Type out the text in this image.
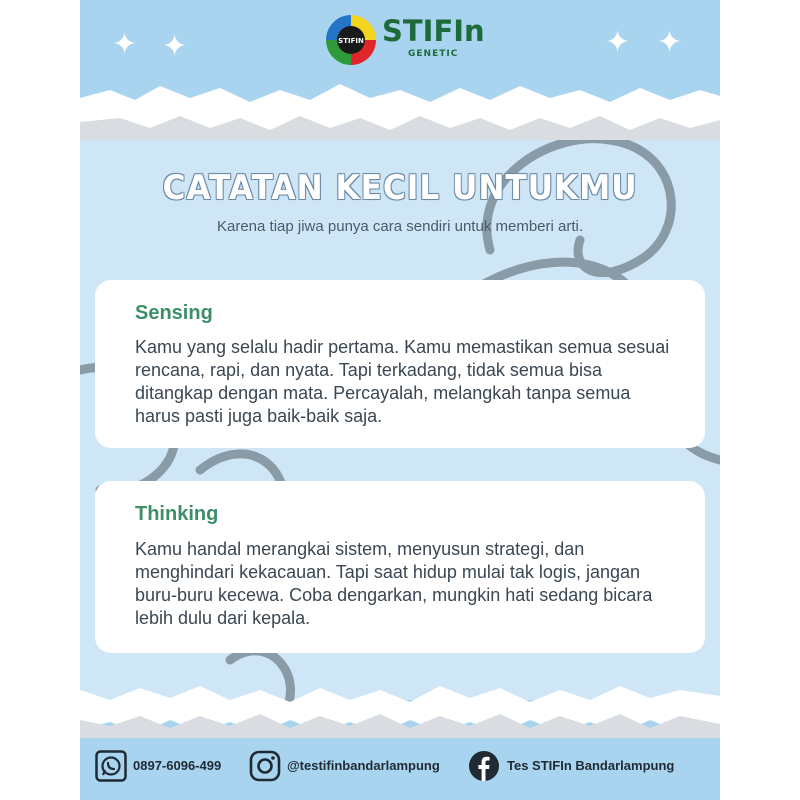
✦ ✦	✦ ✦
STIFIN STIFIn
GENETIC
CATATAN KECIL UNTUKMU
Karena tiap jiwa punya cara sendiri untuk memberi arti.
Sensing

Kamu yang selalu hadir pertama. Kamu memastikan semua sesuai rencana, rapi, dan nyata. Tapi terkadang, tidak semua bisa ditangkap dengan mata. Percayalah, melangkah tanpa semua harus pasti juga baik-baik saja.

Thinking

Kamu handal merangkai sistem, menyusun strategi, dan menghindari kekacauan. Tapi saat hidup mulai tak logis, jangan buru-buru kecewa. Coba dengarkan, mungkin hati sedang bicara lebih dulu dari kepala.

0897-6096-499	@testifinbandarlampung	Tes STIFIn Bandarlampung
